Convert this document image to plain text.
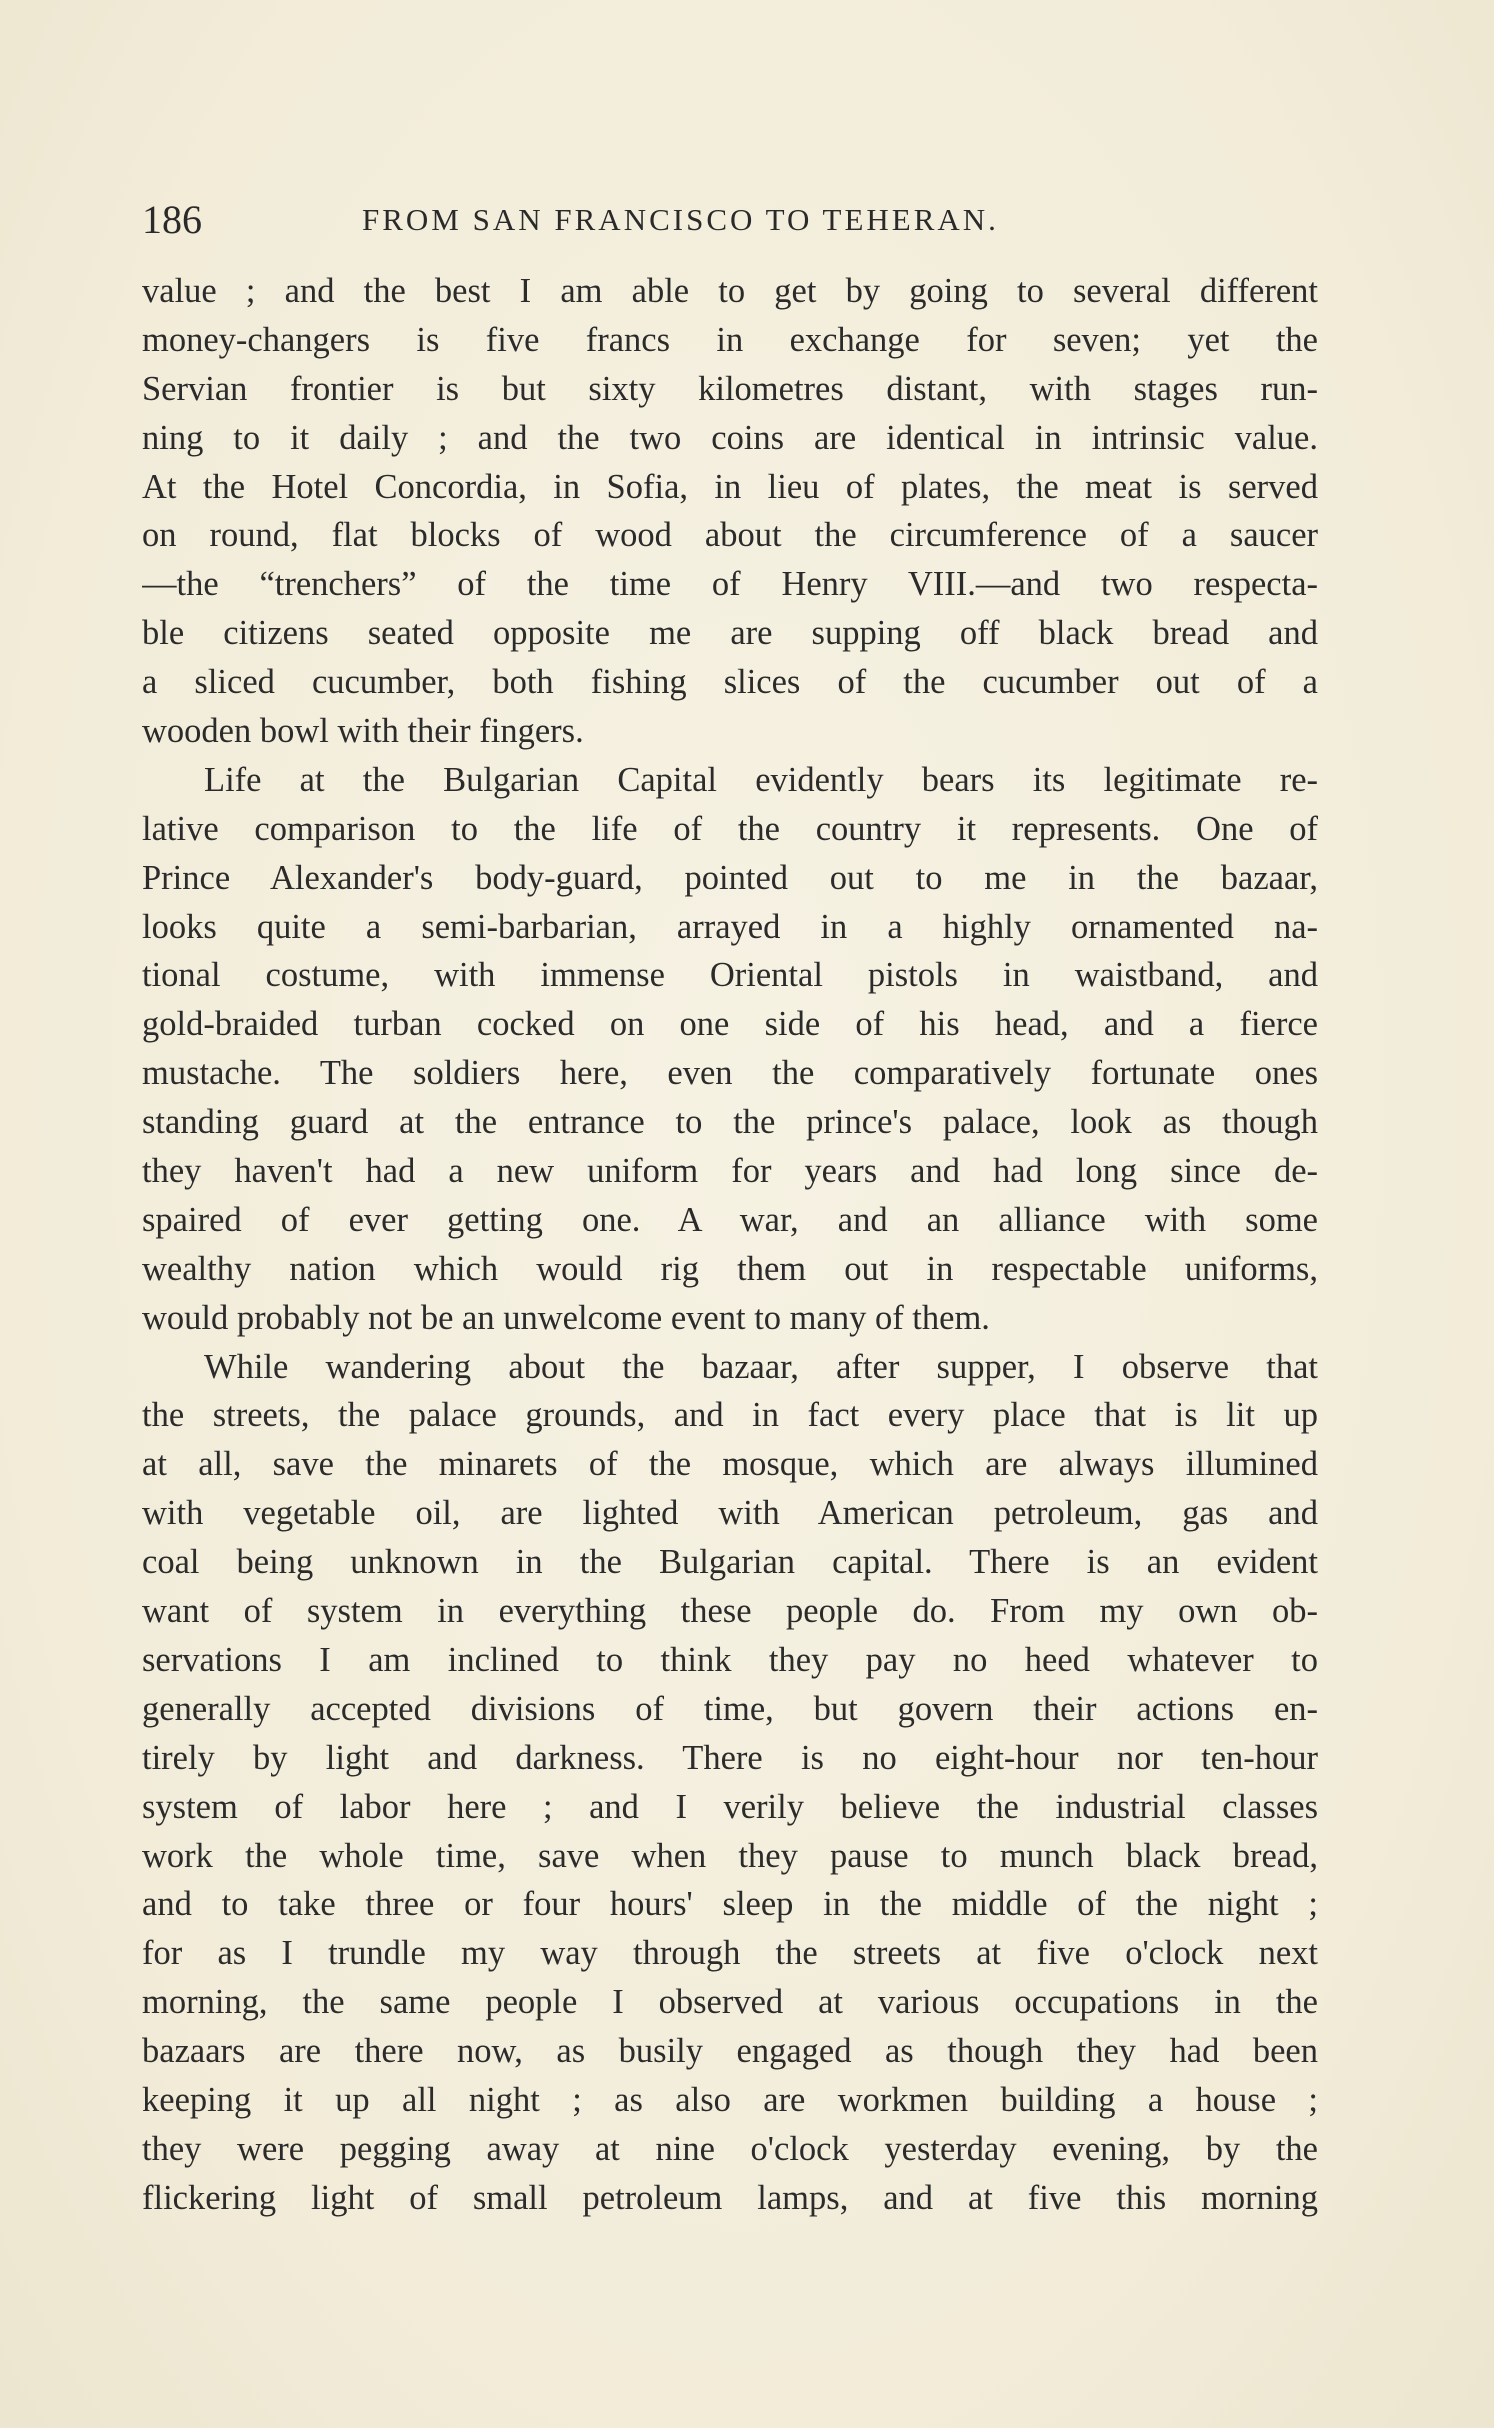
186	FROM SAN FRANCISCO TO TEHERAN.
value ; and the best I am able to get by going to several different
money-changers is five francs in exchange for seven; yet the
Servian frontier is but sixty kilometres distant, with stages run-
ning to it daily ; and the two coins are identical in intrinsic value.
At the Hotel Concordia, in Sofia, in lieu of plates, the meat is served
on round, flat blocks of wood about the circumference of a saucer
—the “trenchers” of the time of Henry VIII.—and two respecta-
ble citizens seated opposite me are supping off black bread and
a sliced cucumber, both fishing slices of the cucumber out of a
wooden bowl with their fingers.
Life at the Bulgarian Capital evidently bears its legitimate re-
lative comparison to the life of the country it represents. One of
Prince Alexander's body-guard, pointed out to me in the bazaar,
looks quite a semi-barbarian, arrayed in a highly ornamented na-
tional costume, with immense Oriental pistols in waistband, and
gold-braided turban cocked on one side of his head, and a fierce
mustache. The soldiers here, even the comparatively fortunate ones
standing guard at the entrance to the prince's palace, look as though
they haven't had a new uniform for years and had long since de-
spaired of ever getting one. A war, and an alliance with some
wealthy nation which would rig them out in respectable uniforms,
would probably not be an unwelcome event to many of them.
While wandering about the bazaar, after supper, I observe that
the streets, the palace grounds, and in fact every place that is lit up
at all, save the minarets of the mosque, which are always illumined
with vegetable oil, are lighted with American petroleum, gas and
coal being unknown in the Bulgarian capital. There is an evident
want of system in everything these people do. From my own ob-
servations I am inclined to think they pay no heed whatever to
generally accepted divisions of time, but govern their actions en-
tirely by light and darkness. There is no eight-hour nor ten-hour
system of labor here ; and I verily believe the industrial classes
work the whole time, save when they pause to munch black bread,
and to take three or four hours' sleep in the middle of the night ;
for as I trundle my way through the streets at five o'clock next
morning, the same people I observed at various occupations in the
bazaars are there now, as busily engaged as though they had been
keeping it up all night ; as also are workmen building a house ;
they were pegging away at nine o'clock yesterday evening, by the
flickering light of small petroleum lamps, and at five this morning
